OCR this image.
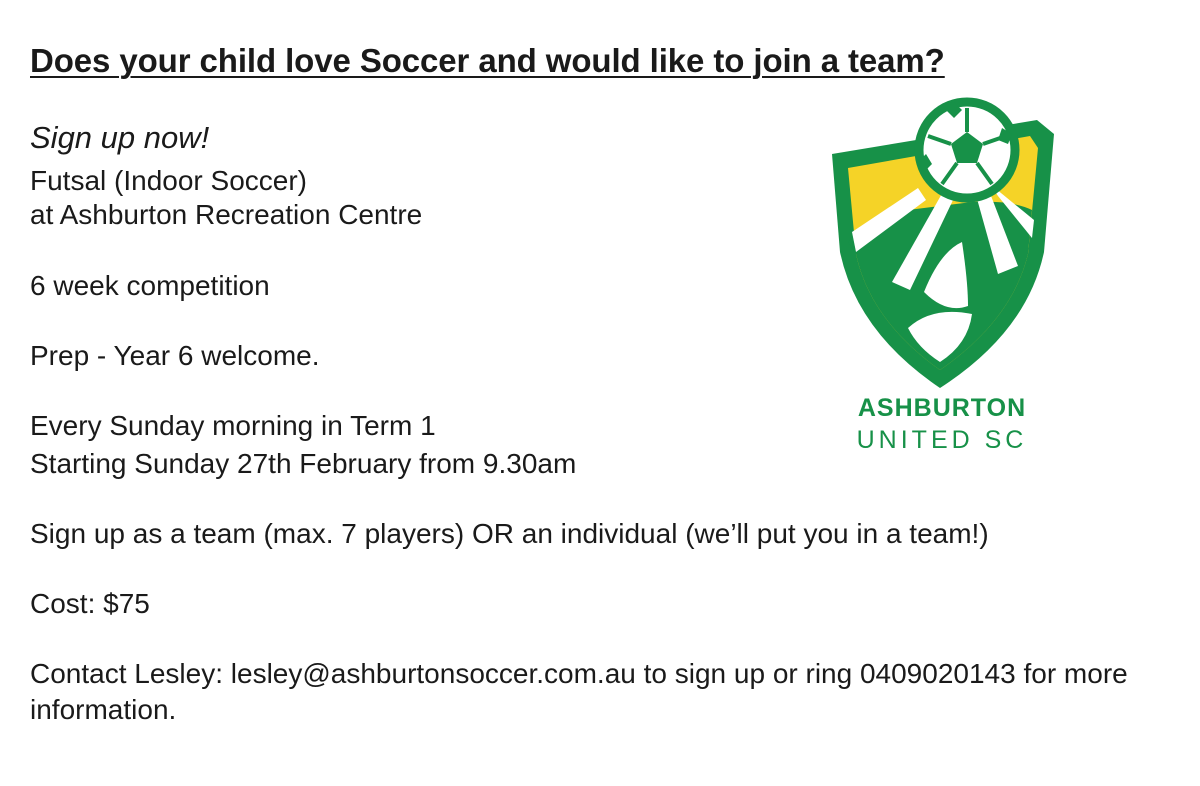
Does your child love Soccer and would like to join a team?

Sign up now!

Futsal (Indoor Soccer)

at Ashburton Recreation Centre

6 week competition

Prep - Year 6 welcome.

Every Sunday morning in Term 1

Starting Sunday 27th February from 9.30am

Sign up as a team (max. 7 players) OR an individual (we’ll put you in a team!)

Cost: $75

Contact Lesley: lesley@ashburtonsoccer.com.au to sign up or ring 0409020143 for more information.

ASHBURTON
UNITED SC
